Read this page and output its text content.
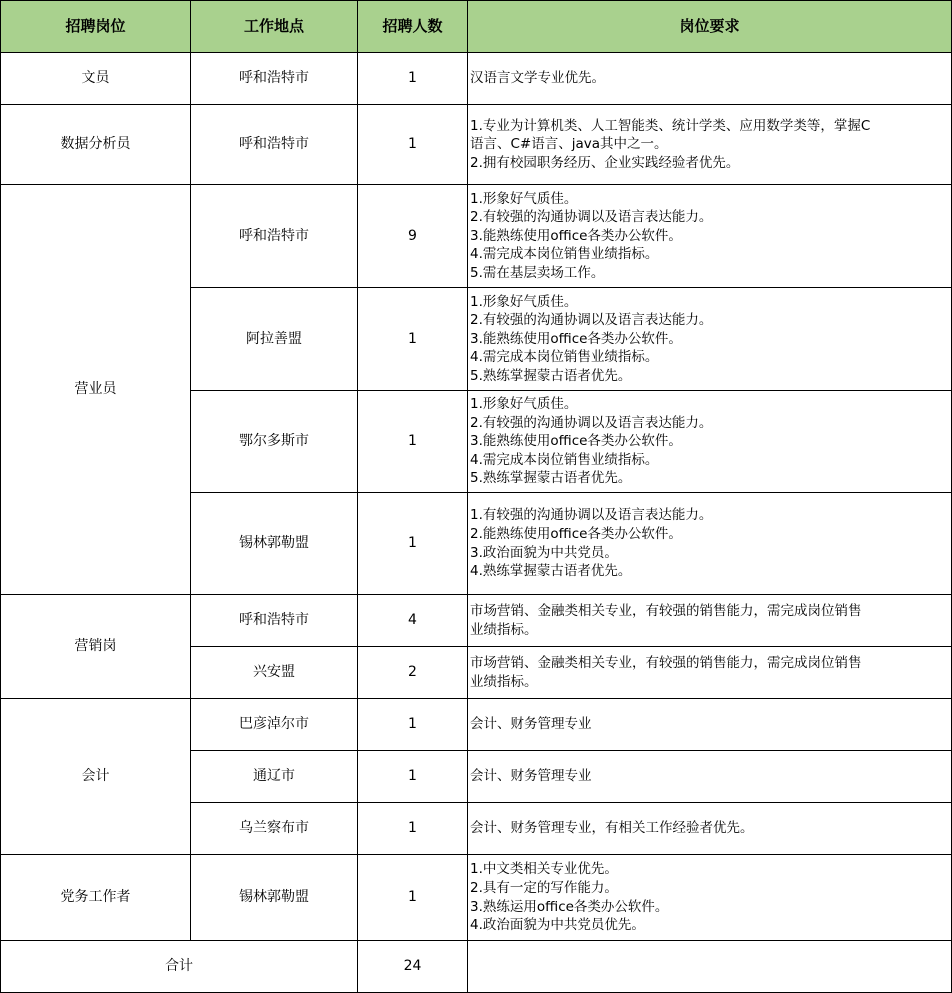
招聘岗位	工作地点	招聘人数	岗位要求
文员	呼和浩特市	1	汉语言文学专业优先。

数据分析员	呼和浩特市	1	1.专业为计算机类、人工智能类、统计学类、应用数学类等，掌握C
语言、C#语言、java其中之一。
2.拥有校园职务经历、企业实践经验者优先。

营业员	呼和浩特市	9	1.形象好气质佳。
2.有较强的沟通协调以及语言表达能力。
3.能熟练使用office各类办公软件。
4.需完成本岗位销售业绩指标。
5.需在基层卖场工作。

	阿拉善盟	1	1.形象好气质佳。
2.有较强的沟通协调以及语言表达能力。
3.能熟练使用office各类办公软件。
4.需完成本岗位销售业绩指标。
5.熟练掌握蒙古语者优先。

	鄂尔多斯市	1	1.形象好气质佳。
2.有较强的沟通协调以及语言表达能力。
3.能熟练使用office各类办公软件。
4.需完成本岗位销售业绩指标。
5.熟练掌握蒙古语者优先。

	锡林郭勒盟	1	1.有较强的沟通协调以及语言表达能力。
2.能熟练使用office各类办公软件。
3.政治面貌为中共党员。
4.熟练掌握蒙古语者优先。

营销岗	呼和浩特市	4	市场营销、金融类相关专业，有较强的销售能力，需完成岗位销售
业绩指标。

	兴安盟	2	市场营销、金融类相关专业，有较强的销售能力，需完成岗位销售
业绩指标。

会计	巴彦淖尔市	1	会计、财务管理专业

	通辽市	1	会计、财务管理专业

	乌兰察布市	1	会计、财务管理专业，有相关工作经验者优先。

党务工作者	锡林郭勒盟	1	1.中文类相关专业优先。
2.具有一定的写作能力。
3.熟练运用office各类办公软件。
4.政治面貌为中共党员优先。

合计		24	
